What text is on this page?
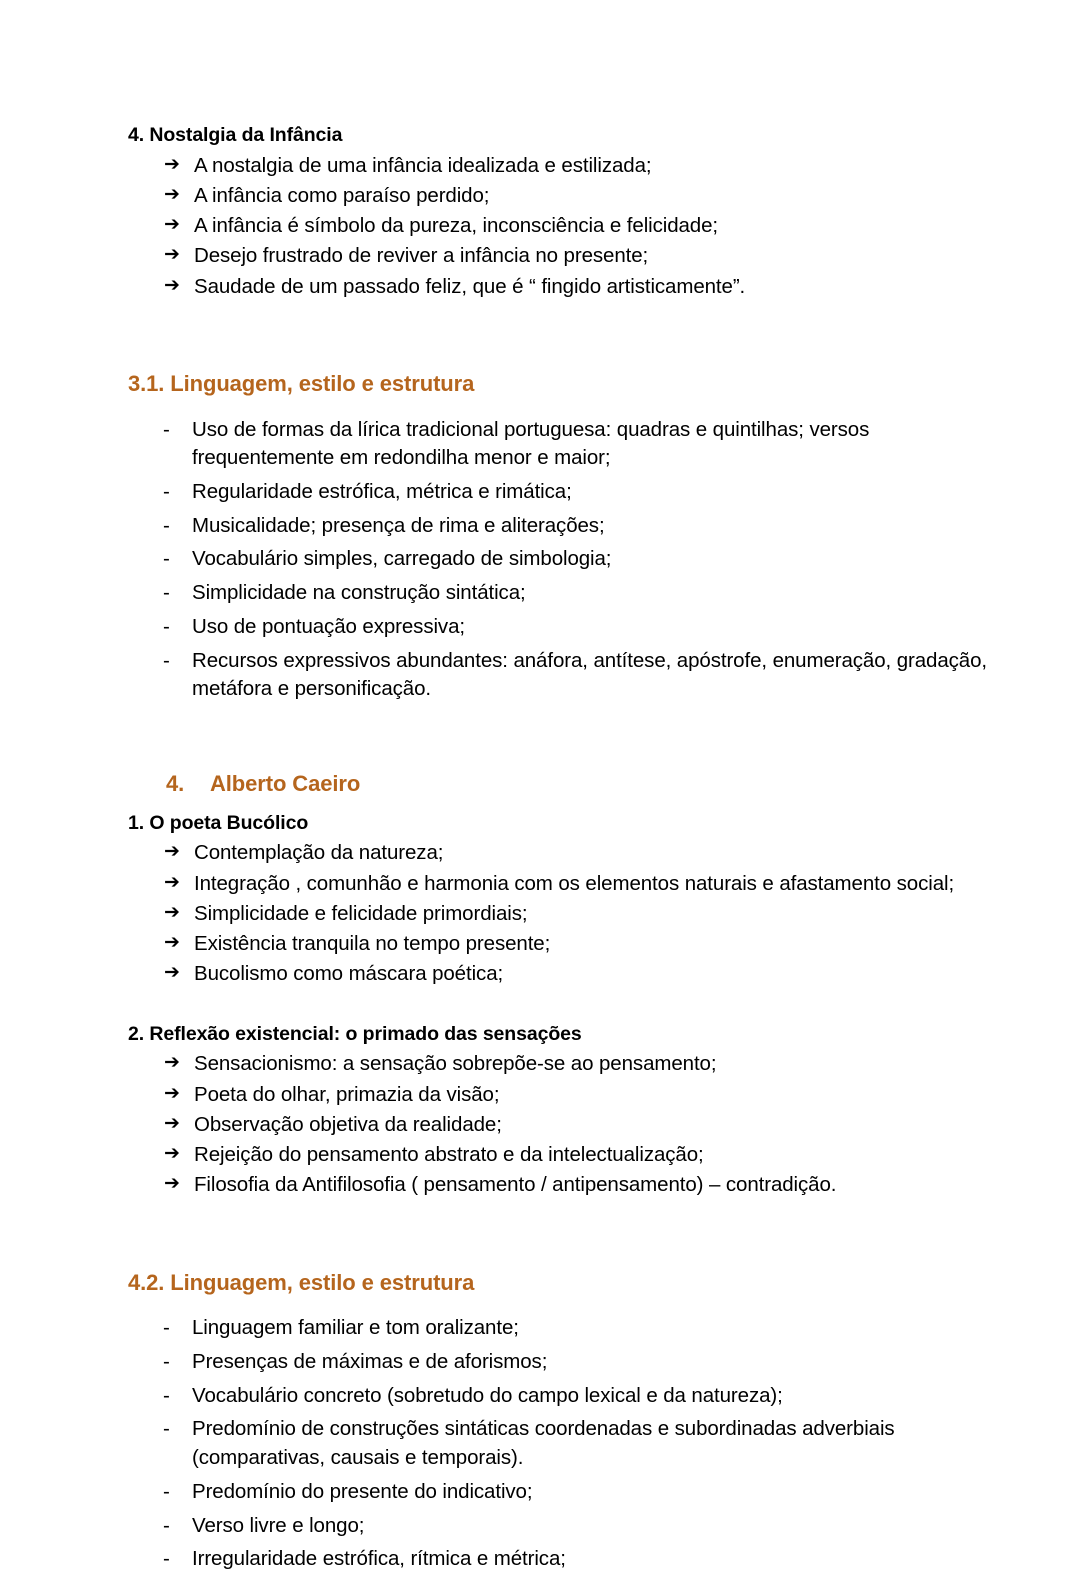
4. Nostalgia da Infância
➔ A nostalgia de uma infância idealizada e estilizada;
➔ A infância como paraíso perdido;
➔ A infância é símbolo da pureza, inconsciência e felicidade;
➔ Desejo frustrado de reviver a infância no presente;
➔ Saudade de um passado feliz, que é “ fingido artisticamente”.
3.1. Linguagem, estilo e estrutura
- Uso de formas da lírica tradicional portuguesa: quadras e quintilhas; versos frequentemente em redondilha menor e maior;
- Regularidade estrófica, métrica e rimática;
- Musicalidade; presença de rima e aliterações;
- Vocabulário simples, carregado de simbologia;
- Simplicidade na construção sintática;
- Uso de pontuação expressiva;
- Recursos expressivos abundantes: anáfora, antítese, apóstrofe, enumeração, gradação, metáfora e personificação.
4. Alberto Caeiro
1. O poeta Bucólico
➔ Contemplação da natureza;
➔ Integração , comunhão e harmonia com os elementos naturais e afastamento social;
➔ Simplicidade e felicidade primordiais;
➔ Existência tranquila no tempo presente;
➔ Bucolismo como máscara poética;
2. Reflexão existencial: o primado das sensações
➔ Sensacionismo: a sensação sobrepõe-se ao pensamento;
➔ Poeta do olhar, primazia da visão;
➔ Observação objetiva da realidade;
➔ Rejeição do pensamento abstrato e da intelectualização;
➔ Filosofia da Antifilosofia ( pensamento / antipensamento) – contradição.
4.2. Linguagem, estilo e estrutura
- Linguagem familiar e tom oralizante;
- Presenças de máximas e de aforismos;
- Vocabulário concreto (sobretudo do campo lexical e da natureza);
- Predomínio de construções sintáticas coordenadas e subordinadas adverbiais (comparativas, causais e temporais).
- Predomínio do presente do indicativo;
- Verso livre e longo;
- Irregularidade estrófica, rítmica e métrica;
